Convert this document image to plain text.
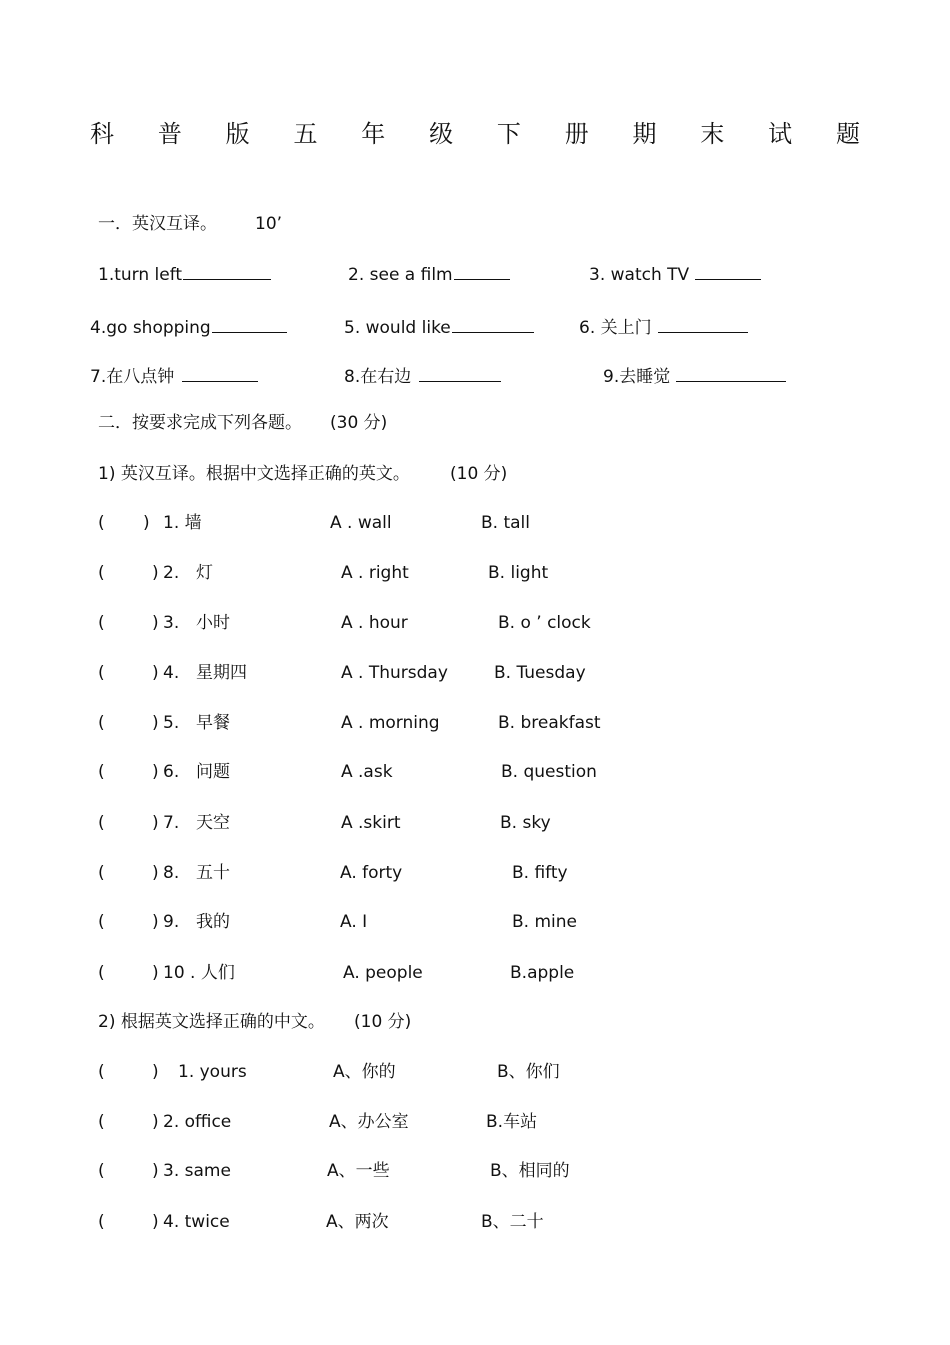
科 普 版 五 年 级 下 册 期 末 试 题
一．英汉互译。 10’
1.turn left	2. see a film	3. watch TV
4.go shopping	5. would like	6. 关上门
7.在八点钟	8.在右边	9.去睡觉
二．按要求完成下列各题。 (30 分)
1) 英汉互译。根据中文选择正确的英文。 (10 分)
( ) 1. 墙	A . wall	B. tall
(	) 2. 灯	A . right	B. light
(	) 3. 小时	A . hour	B. o ’ clock
(	) 4. 星期四	A . Thursday	B. Tuesday
(	) 5. 早餐	A . morning	B. breakfast
(	) 6. 问题	A .ask	B. question
(	) 7. 天空	A .skirt	B. sky
(	) 8. 五十	A. forty	B. fifty
(	) 9. 我的	A. I	B. mine
(	) 10 . 人们	A. people	B.apple
2) 根据英文选择正确的中文。 (10 分)
(	) 1. yours	A、你的	B、你们
(	) 2. office	A、办公室	B.车站
(	) 3. same	A、一些	B、相同的
(	) 4. twice	A、两次	B、二十
